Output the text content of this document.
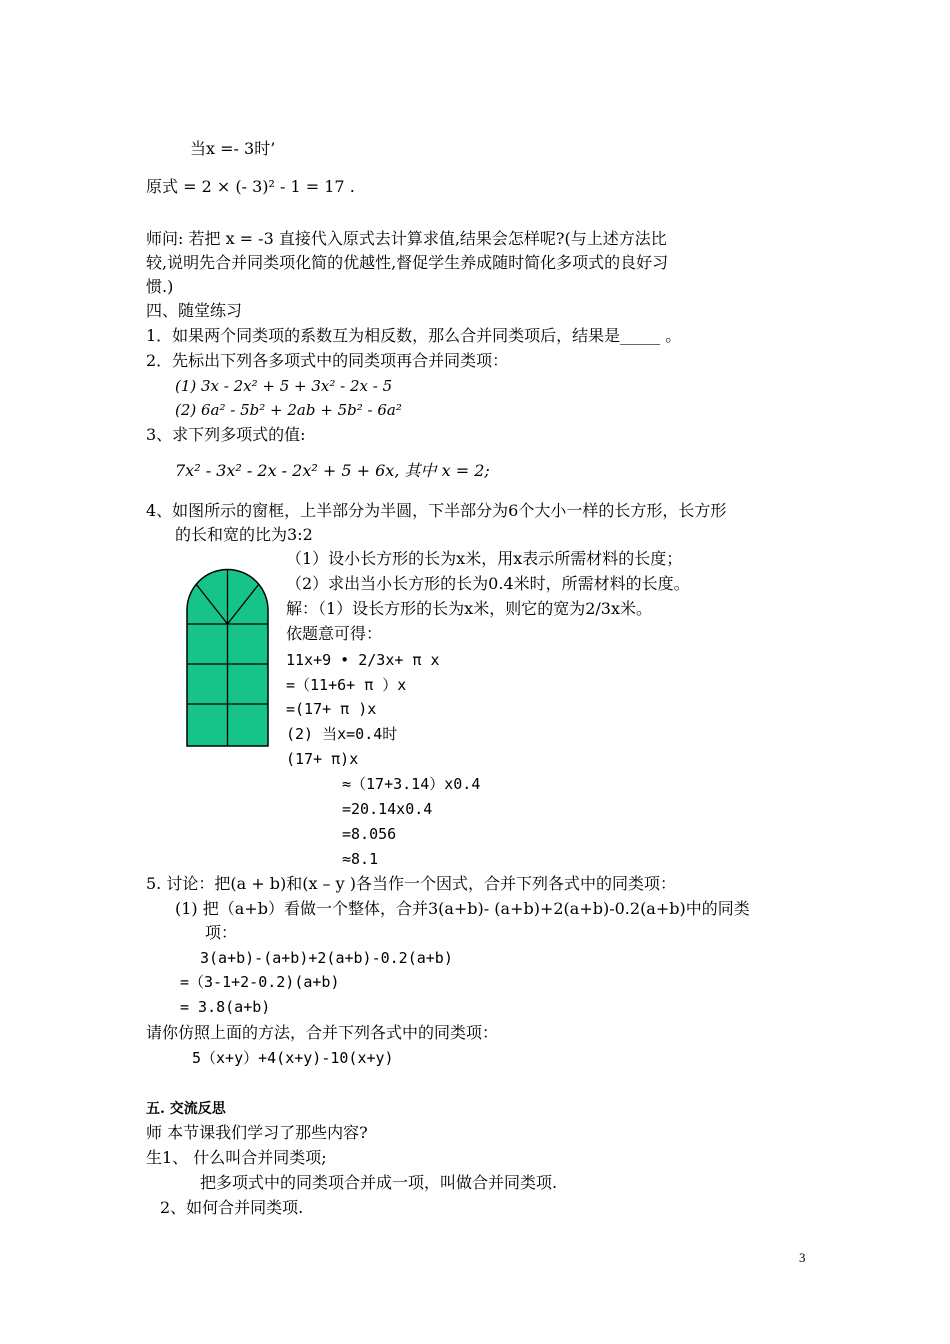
当x =- 3时’
原式 = 2 × (- 3)² - 1 = 17 .
师问: 若把 x = -3 直接代入原式去计算求值,结果会怎样呢?(与上述方法比
较,说明先合并同类项化简的优越性,督促学生养成随时简化多项式的良好习
惯.)
四、随堂练习
1．如果两个同类项的系数互为相反数，那么合并同类项后，结果是_____ 。
2．先标出下列各多项式中的同类项再合并同类项：
(1) 3x - 2x² + 5 + 3x² - 2x - 5
(2) 6a² - 5b² + 2ab + 5b² - 6a²
3、求下列多项式的值:
7x² - 3x² - 2x - 2x² + 5 + 6x, 其中 x = 2;
4、如图所示的窗框，上半部分为半圆，下半部分为6个大小一样的长方形，长方形
的长和宽的比为3:2
（1）设小长方形的长为x米，用x表示所需材料的长度；
（2）求出当小长方形的长为0.4米时，所需材料的长度。
解：（1）设长方形的长为x米，则它的宽为2/3x米。
依题意可得：
11x+9 • 2/3x+ π x
=（11+6+ π ）x
=(17+ π )x
(2) 当x=0.4时
(17+ π)x
≈（17+3.14）x0.4
=20.14x0.4
=8.056
≈8.1
5. 讨论：把(a + b)和(x – y )各当作一个因式，合并下列各式中的同类项：
(1) 把（a+b）看做一个整体，合并3(a+b)- (a+b)+2(a+b)-0.2(a+b)中的同类
项：
3(a+b)-(a+b)+2(a+b)-0.2(a+b)
=（3-1+2-0.2)(a+b)
= 3.8(a+b)
请你仿照上面的方法，合并下列各式中的同类项：
5（x+y）+4(x+y)-10(x+y)
五. 交流反思
师 本节课我们学习了那些内容?
生1、 什么叫合并同类项;
把多项式中的同类项合并成一项，叫做合并同类项.
2、如何合并同类项.
3
